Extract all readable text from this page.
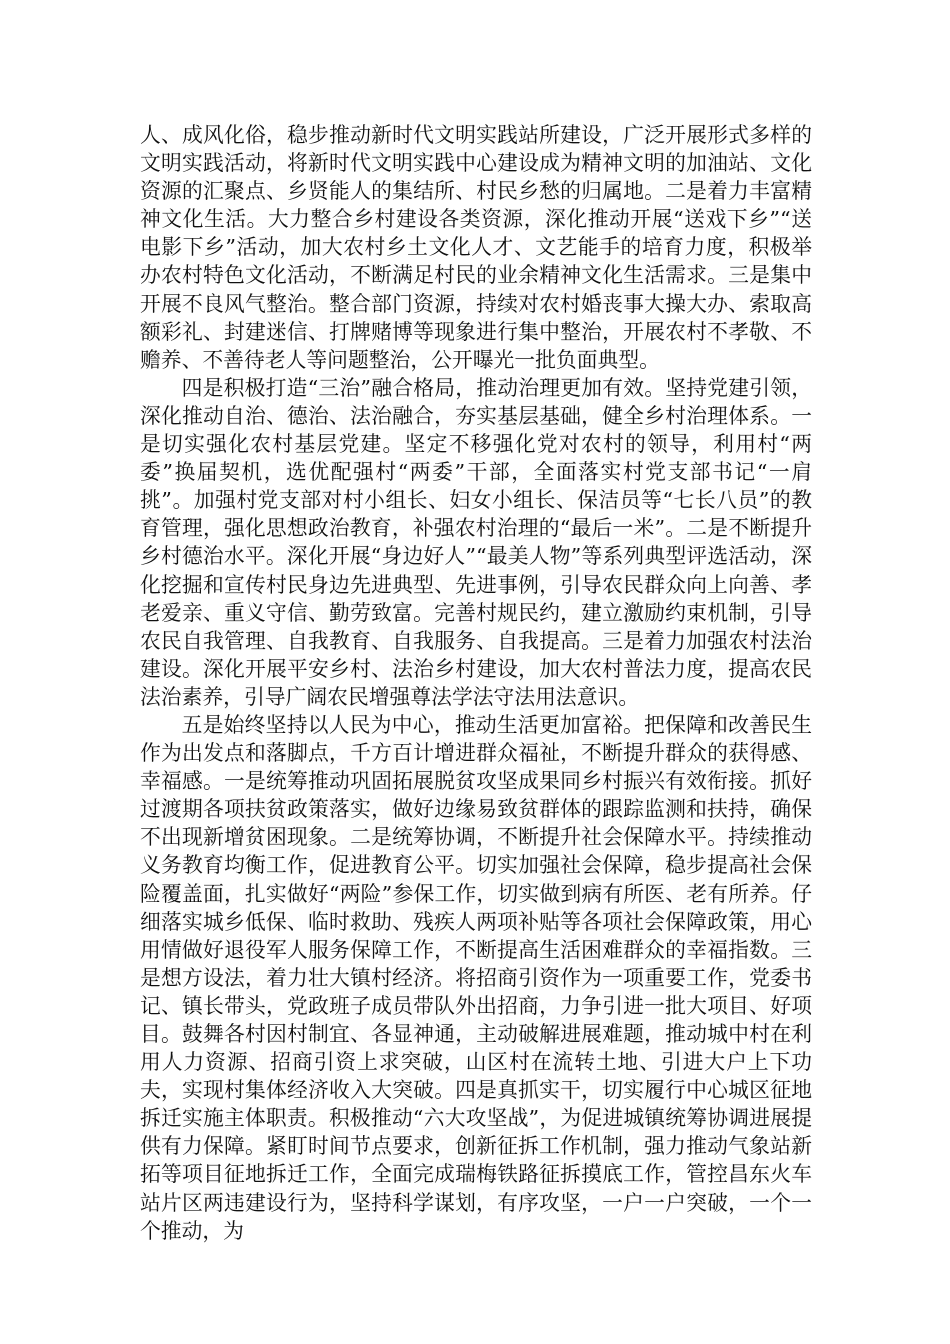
人、成风化俗，稳步推动新时代文明实践站所建设，广泛开展形式多样的文明实践活动，将新时代文明实践中心建设成为精神文明的加油站、文化资源的汇聚点、乡贤能人的集结所、村民乡愁的归属地。二是着力丰富精神文化生活。大力整合乡村建设各类资源，深化推动开展“送戏下乡”“送电影下乡”活动，加大农村乡土文化人才、文艺能手的培育力度，积极举办农村特色文化活动，不断满足村民的业余精神文化生活需求。三是集中开展不良风气整治。整合部门资源，持续对农村婚丧事大操大办、索取高额彩礼、封建迷信、打牌赌博等现象进行集中整治，开展农村不孝敬、不赡养、不善待老人等问题整治，公开曝光一批负面典型。

四是积极打造“三治”融合格局，推动治理更加有效。坚持党建引领，深化推动自治、德治、法治融合，夯实基层基础，健全乡村治理体系。一是切实强化农村基层党建。坚定不移强化党对农村的领导，利用村“两委”换届契机，选优配强村“两委”干部，全面落实村党支部书记“一肩挑”。加强村党支部对村小组长、妇女小组长、保洁员等“七长八员”的教育管理，强化思想政治教育，补强农村治理的“最后一米”。二是不断提升乡村德治水平。深化开展“身边好人”“最美人物”等系列典型评选活动，深化挖掘和宣传村民身边先进典型、先进事例，引导农民群众向上向善、孝老爱亲、重义守信、勤劳致富。完善村规民约，建立激励约束机制，引导农民自我管理、自我教育、自我服务、自我提高。三是着力加强农村法治建设。深化开展平安乡村、法治乡村建设，加大农村普法力度，提高农民法治素养，引导广阔农民增强尊法学法守法用法意识。

五是始终坚持以人民为中心，推动生活更加富裕。把保障和改善民生作为出发点和落脚点，千方百计增进群众福祉，不断提升群众的获得感、幸福感。一是统筹推动巩固拓展脱贫攻坚成果同乡村振兴有效衔接。抓好过渡期各项扶贫政策落实，做好边缘易致贫群体的跟踪监测和扶持，确保不出现新增贫困现象。二是统筹协调，不断提升社会保障水平。持续推动义务教育均衡工作，促进教育公平。切实加强社会保障，稳步提高社会保险覆盖面，扎实做好“两险”参保工作，切实做到病有所医、老有所养。仔细落实城乡低保、临时救助、残疾人两项补贴等各项社会保障政策，用心用情做好退役军人服务保障工作，不断提高生活困难群众的幸福指数。三是想方设法，着力壮大镇村经济。将招商引资作为一项重要工作，党委书记、镇长带头，党政班子成员带队外出招商，力争引进一批大项目、好项目。鼓舞各村因村制宜、各显神通，主动破解进展难题，推动城中村在利用人力资源、招商引资上求突破，山区村在流转土地、引进大户上下功夫，实现村集体经济收入大突破。四是真抓实干，切实履行中心城区征地拆迁实施主体职责。积极推动“六大攻坚战”，为促进城镇统筹协调进展提供有力保障。紧盯时间节点要求，创新征拆工作机制，强力推动气象站新拓等项目征地拆迁工作，全面完成瑞梅铁路征拆摸底工作，管控昌东火车站片区两违建设行为，坚持科学谋划，有序攻坚，一户一户突破，一个一个推动，为
